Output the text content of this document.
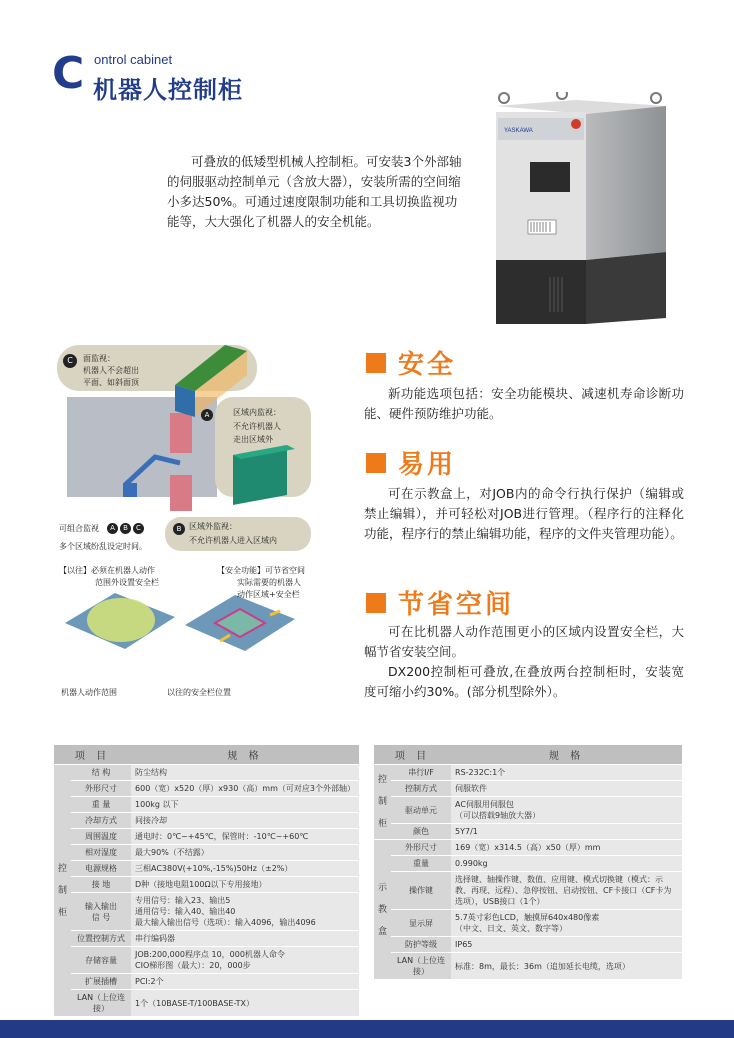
C ontrol cabinet
机器人控制柜

可叠放的低矮型机械人控制柜。可安装3个外部轴的伺服驱动控制单元（含放大器），安装所需的空间缩小多达50%。可通过速度限制功能和工具切换监视功能等，大大强化了机器人的安全机能。

YASKAWA
C	面监视：
机器人不会超出
平面、如斜面顶
A	区域内监视：
不允许机器人
走出区域外
可组合监视	A	B	C
多个区域纷乱设定时间。
B 区域外监视：
不允许机器人进入区域内
【以往】必须在机器人动作
范围外设置安全栏
【安全功能】可节省空间
实际需要的机器人
动作区域+安全栏
机器人动作范围	以往的安全栏位置
安全

新功能选项包括：安全功能模块、减速机寿命诊断功能、硬件预防维护功能。

易用

可在示教盒上，对JOB内的命令行执行保护（编辑或禁止编辑），并可轻松对JOB进行管理。（程序行的注释化功能，程序行的禁止编辑功能，程序的文件夹管理功能）。

节省空间

可在比机器人动作范围更小的区域内设置安全栏，大幅节省安装空间。

DX200控制柜可叠放,在叠放两台控制柜时，安装宽度可缩小约30%。(部分机型除外）。

项 目		规 格
控
制
柜	结 构	防尘结构
	外形尺寸	600（宽）x520（厚）x930（高）mm（可对应3个外部轴）
	重 量	100kg 以下
	冷却方式	间接冷却
	周围温度	通电时：0℃~+45℃，保管时：-10℃~+60℃
	相对湿度	最大90%（不结露）
	电源规格	三相AC380V(+10%,-15%)50Hz（±2%）
	接 地	D种（接地电阻100Ω以下专用接地）
	输入输出
信 号	专用信号：输入23、输出5
通用信号：输入40、输出40
最大输入输出信号（选项）：输入4096，输出4096
	位置控制方式	串行编码器
	存储容量	JOB:200,000程序点 10，000机器人命令
CIO梯形图（最大）：20，000步
	扩展插槽	PCI:2个
	LAN（上位连接）	1个（10BASE-T/100BASE-TX）
项 目		规 格
控
制
柜	串行I/F	RS-232C:1个
	控制方式	伺服软件
	驱动单元	AC伺服用伺服包
（可以搭载9轴放大器）
	颜色	5Y7/1
示
教
盒	外形尺寸	169（宽）x314.5（高）x50（厚）mm
	重量	0.990kg
	操作键	选择键、轴操作键、数值、应用键、模式切换键（模式：示教、再现、远程）、急停按钮、启动按钮、CF卡接口（CF卡为选项），USB接口（1个）
	显示屏	5.7英寸彩色LCD，触摸屏640x480像素
（中文、日文、英文、数字等）
	防护等级	IP65
	LAN（上位连接）	标准：8m，最长：36m（追加延长电缆，选项）
